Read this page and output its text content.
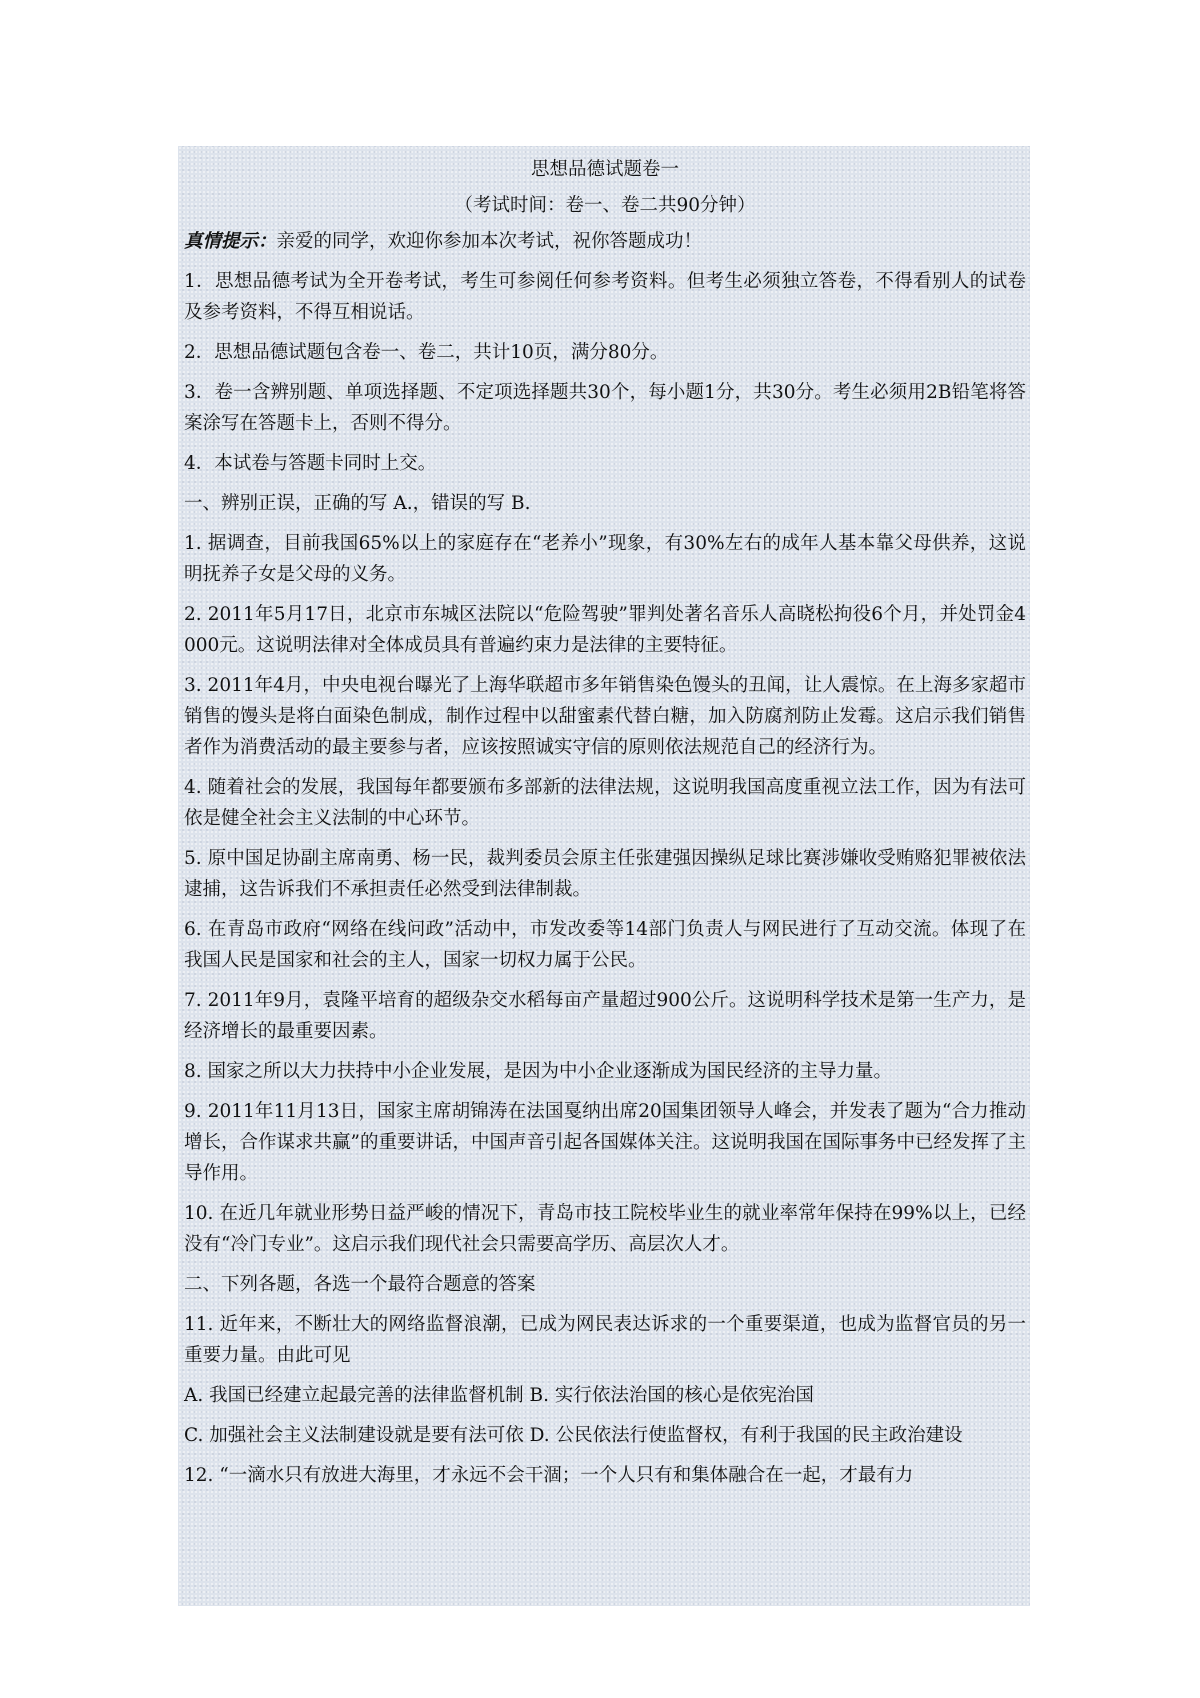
思想品德试题卷一

（考试时间：卷一、卷二共90分钟）

真情提示：亲爱的同学，欢迎你参加本次考试，祝你答题成功！

1．思想品德考试为全开卷考试，考生可参阅任何参考资料。但考生必须独立答卷，不得看别人的试卷及参考资料，不得互相说话。

2．思想品德试题包含卷一、卷二，共计10页，满分80分。

3．卷一含辨别题、单项选择题、不定项选择题共30个，每小题1分，共30分。考生必须用2B铅笔将答案涂写在答题卡上，否则不得分。

4．本试卷与答题卡同时上交。

一、辨别正误，正确的写 A.，错误的写 B.

1. 据调查，目前我国65%以上的家庭存在“老养小”现象，有30%左右的成年人基本靠父母供养，这说明抚养子女是父母的义务。

2. 2011年5月17日，北京市东城区法院以“危险驾驶”罪判处著名音乐人高晓松拘役6个月，并处罚金4000元。这说明法律对全体成员具有普遍约束力是法律的主要特征。

3. 2011年4月，中央电视台曝光了上海华联超市多年销售染色馒头的丑闻，让人震惊。在上海多家超市销售的馒头是将白面染色制成，制作过程中以甜蜜素代替白糖，加入防腐剂防止发霉。这启示我们销售者作为消费活动的最主要参与者，应该按照诚实守信的原则依法规范自己的经济行为。

4. 随着社会的发展，我国每年都要颁布多部新的法律法规，这说明我国高度重视立法工作，因为有法可依是健全社会主义法制的中心环节。

5. 原中国足协副主席南勇、杨一民，裁判委员会原主任张建强因操纵足球比赛涉嫌收受贿赂犯罪被依法逮捕，这告诉我们不承担责任必然受到法律制裁。

6. 在青岛市政府“网络在线问政”活动中，市发改委等14部门负责人与网民进行了互动交流。体现了在我国人民是国家和社会的主人，国家一切权力属于公民。

7. 2011年9月，袁隆平培育的超级杂交水稻每亩产量超过900公斤。这说明科学技术是第一生产力，是经济增长的最重要因素。

8. 国家之所以大力扶持中小企业发展，是因为中小企业逐渐成为国民经济的主导力量。

9. 2011年11月13日，国家主席胡锦涛在法国戛纳出席20国集团领导人峰会，并发表了题为“合力推动增长，合作谋求共赢”的重要讲话，中国声音引起各国媒体关注。这说明我国在国际事务中已经发挥了主导作用。

10. 在近几年就业形势日益严峻的情况下，青岛市技工院校毕业生的就业率常年保持在99%以上，已经没有“冷门专业”。这启示我们现代社会只需要高学历、高层次人才。

二、下列各题，各选一个最符合题意的答案

11. 近年来，不断壮大的网络监督浪潮，已成为网民表达诉求的一个重要渠道，也成为监督官员的另一重要力量。由此可见

A. 我国已经建立起最完善的法律监督机制 B. 实行依法治国的核心是依宪治国

C. 加强社会主义法制建设就是要有法可依 D. 公民依法行使监督权，有利于我国的民主政治建设

12. “一滴水只有放进大海里，才永远不会干涸；一个人只有和集体融合在一起，才最有力
